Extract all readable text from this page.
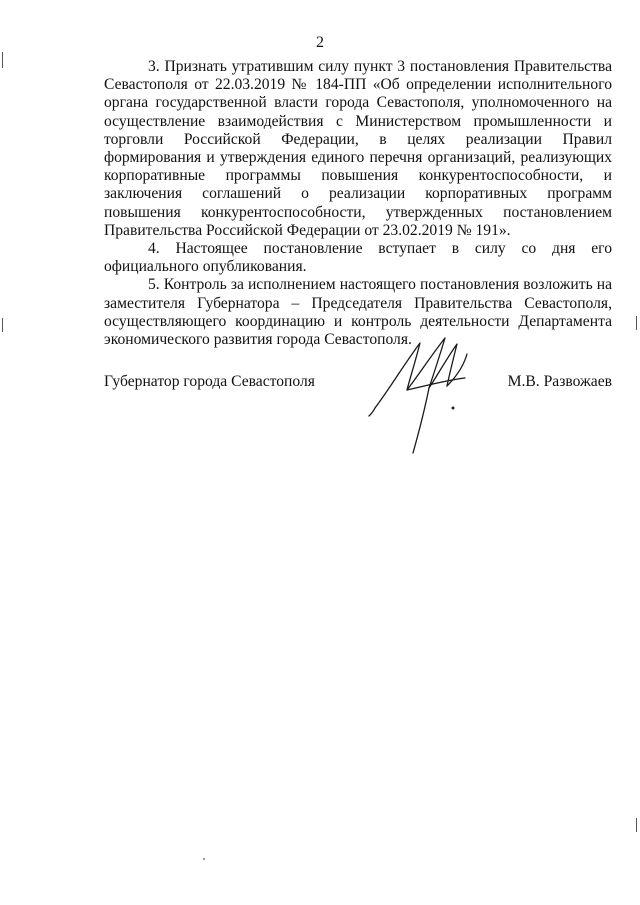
2

3. Признать утратившим силу пункт 3 постановления Правительства Севастополя от 22.03.2019 № 184-ПП «Об определении исполнительного органа государственной власти города Севастополя, уполномоченного на осуществление взаимодействия с Министерством промышленности и торговли Российской Федерации, в целях реализации Правил формирования и утверждения единого перечня организаций, реализующих корпоративные программы повышения конкурентоспособности, и заключения соглашений о реализации корпоративных программ повышения конкурентоспособности, утвержденных постановлением Правительства Российской Федерации от 23.02.2019 № 191».

4. Настоящее постановление вступает в силу со дня его официального опубликования.

5. Контроль за исполнением настоящего постановления возложить на заместителя Губернатора – Председателя Правительства Севастополя, осуществляющего координацию и контроль деятельности Департамента экономического развития города Севастополя.

Губернатор города Севастополя	М.В. Развожаев
